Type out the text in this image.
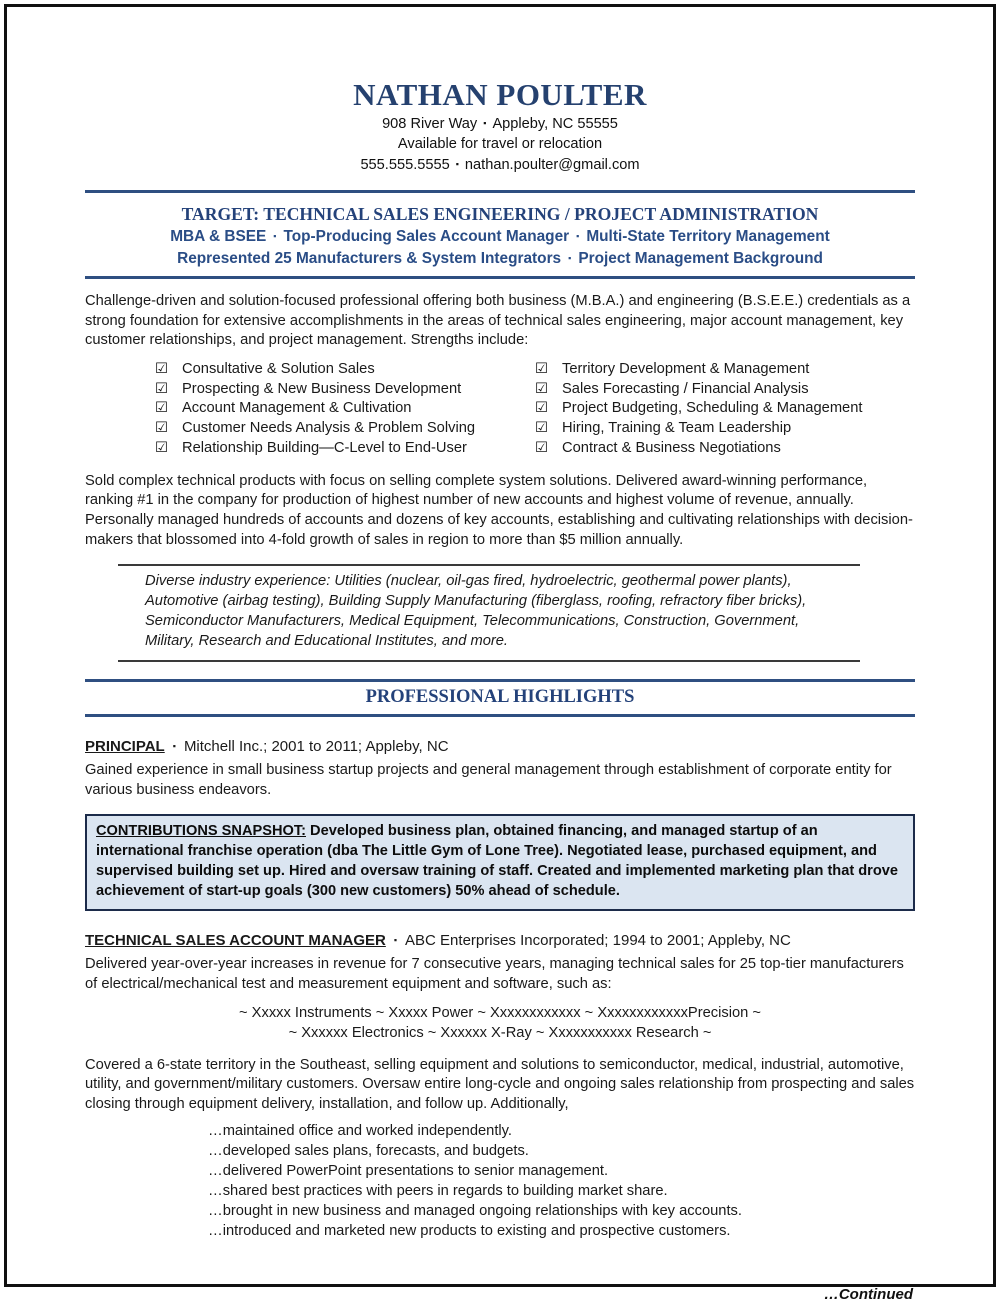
NATHAN POULTER
908 River Way ▪ Appleby, NC 55555
Available for travel or relocation
555.555.5555 ▪ nathan.poulter@gmail.com
TARGET: TECHNICAL SALES ENGINEERING / PROJECT ADMINISTRATION
MBA & BSEE ▪ Top-Producing Sales Account Manager ▪ Multi-State Territory Management
Represented 25 Manufacturers & System Integrators ▪ Project Management Background
Challenge-driven and solution-focused professional offering both business (M.B.A.) and engineering (B.S.E.E.) credentials as a strong foundation for extensive accomplishments in the areas of technical sales engineering, major account management, key customer relationships, and project management. Strengths include:
☑ Consultative & Solution Sales	☑ Territory Development & Management
☑ Prospecting & New Business Development	☑ Sales Forecasting / Financial Analysis
☑ Account Management & Cultivation	☑ Project Budgeting, Scheduling & Management
☑ Customer Needs Analysis & Problem Solving	☑ Hiring, Training & Team Leadership
☑ Relationship Building—C-Level to End-User	☑ Contract & Business Negotiations
Sold complex technical products with focus on selling complete system solutions. Delivered award-winning performance, ranking #1 in the company for production of highest number of new accounts and highest volume of revenue, annually. Personally managed hundreds of accounts and dozens of key accounts, establishing and cultivating relationships with decision-makers that blossomed into 4-fold growth of sales in region to more than $5 million annually.
Diverse industry experience: Utilities (nuclear, oil-gas fired, hydroelectric, geothermal power plants), Automotive (airbag testing), Building Supply Manufacturing (fiberglass, roofing, refractory fiber bricks), Semiconductor Manufacturers, Medical Equipment, Telecommunications, Construction, Government, Military, Research and Educational Institutes, and more.
PROFESSIONAL HIGHLIGHTS
PRINCIPAL ▪ Mitchell Inc.; 2001 to 2011; Appleby, NC
Gained experience in small business startup projects and general management through establishment of corporate entity for various business endeavors.
CONTRIBUTIONS SNAPSHOT: Developed business plan, obtained financing, and managed startup of an international franchise operation (dba The Little Gym of Lone Tree). Negotiated lease, purchased equipment, and supervised building set up. Hired and oversaw training of staff. Created and implemented marketing plan that drove achievement of start-up goals (300 new customers) 50% ahead of schedule.
TECHNICAL SALES ACCOUNT MANAGER ▪ ABC Enterprises Incorporated; 1994 to 2001; Appleby, NC
Delivered year-over-year increases in revenue for 7 consecutive years, managing technical sales for 25 top-tier manufacturers of electrical/mechanical test and measurement equipment and software, such as:
~ Xxxxx Instruments ~ Xxxxx Power ~ Xxxxxxxxxxxx ~ XxxxxxxxxxxxPrecision ~
~ Xxxxxx Electronics ~ Xxxxxx X-Ray ~ Xxxxxxxxxxx Research ~
Covered a 6-state territory in the Southeast, selling equipment and solutions to semiconductor, medical, industrial, automotive, utility, and government/military customers. Oversaw entire long-cycle and ongoing sales relationship from prospecting and sales closing through equipment delivery, installation, and follow up. Additionally,
…maintained office and worked independently.
…developed sales plans, forecasts, and budgets.
…delivered PowerPoint presentations to senior management.
…shared best practices with peers in regards to building market share.
…brought in new business and managed ongoing relationships with key accounts.
…introduced and marketed new products to existing and prospective customers.
…Continued
